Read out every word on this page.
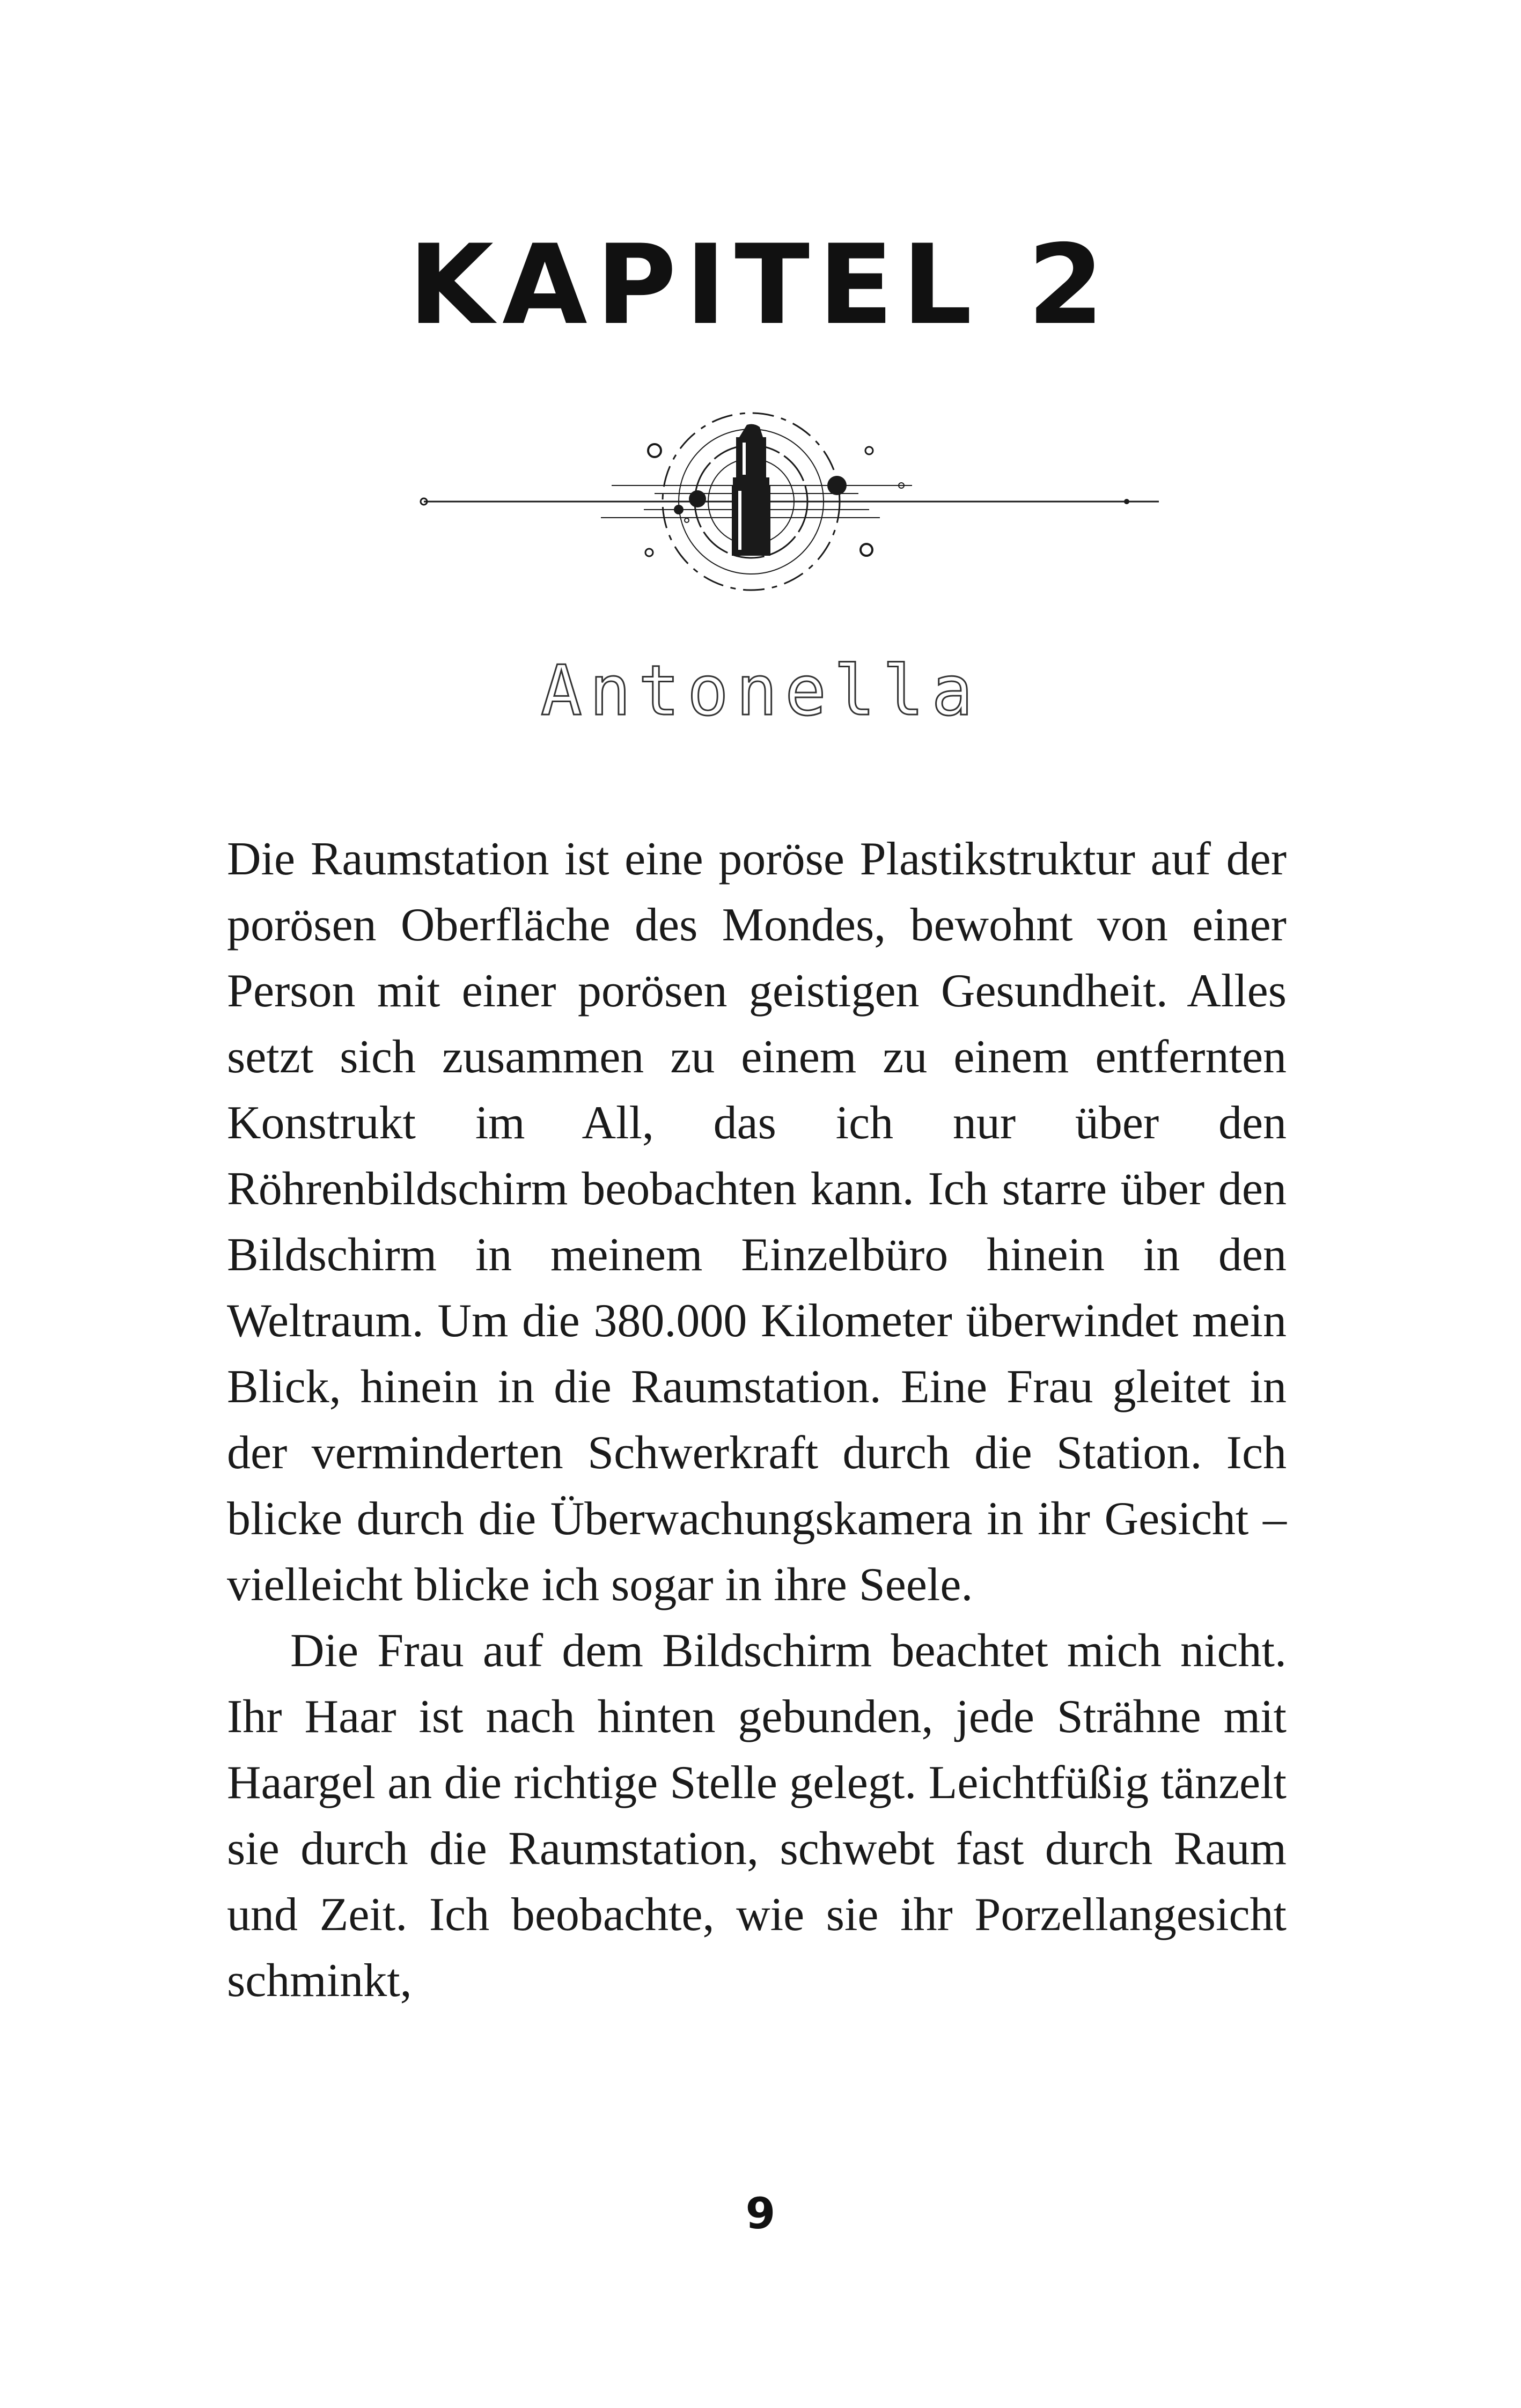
KAPITEL 2
Antonella

Die Raumstation ist eine poröse Plastikstruktur auf der porösen Oberfläche des Mondes, bewohnt von einer Person mit einer porösen geistigen Gesundheit. Alles setzt sich zusammen zu einem zu einem entfernten Konstrukt im All, das ich nur über den Röhrenbildschirm beobachten kann. Ich starre über den Bildschirm in meinem Einzelbüro hinein in den Weltraum. Um die 380.000 Kilometer überwindet mein Blick, hinein in die Raumstation. Eine Frau gleitet in der verminderten Schwerkraft durch die Station. Ich blicke durch die Überwachungskamera in ihr Gesicht – vielleicht blicke ich sogar in ihre Seele.

Die Frau auf dem Bildschirm beachtet mich nicht. Ihr Haar ist nach hinten gebunden, jede Strähne mit Haargel an die richtige Stelle gelegt. Leichtfüßig tänzelt sie durch die Raumstation, schwebt fast durch Raum und Zeit. Ich beobachte, wie sie ihr Porzellangesicht schminkt,

9
